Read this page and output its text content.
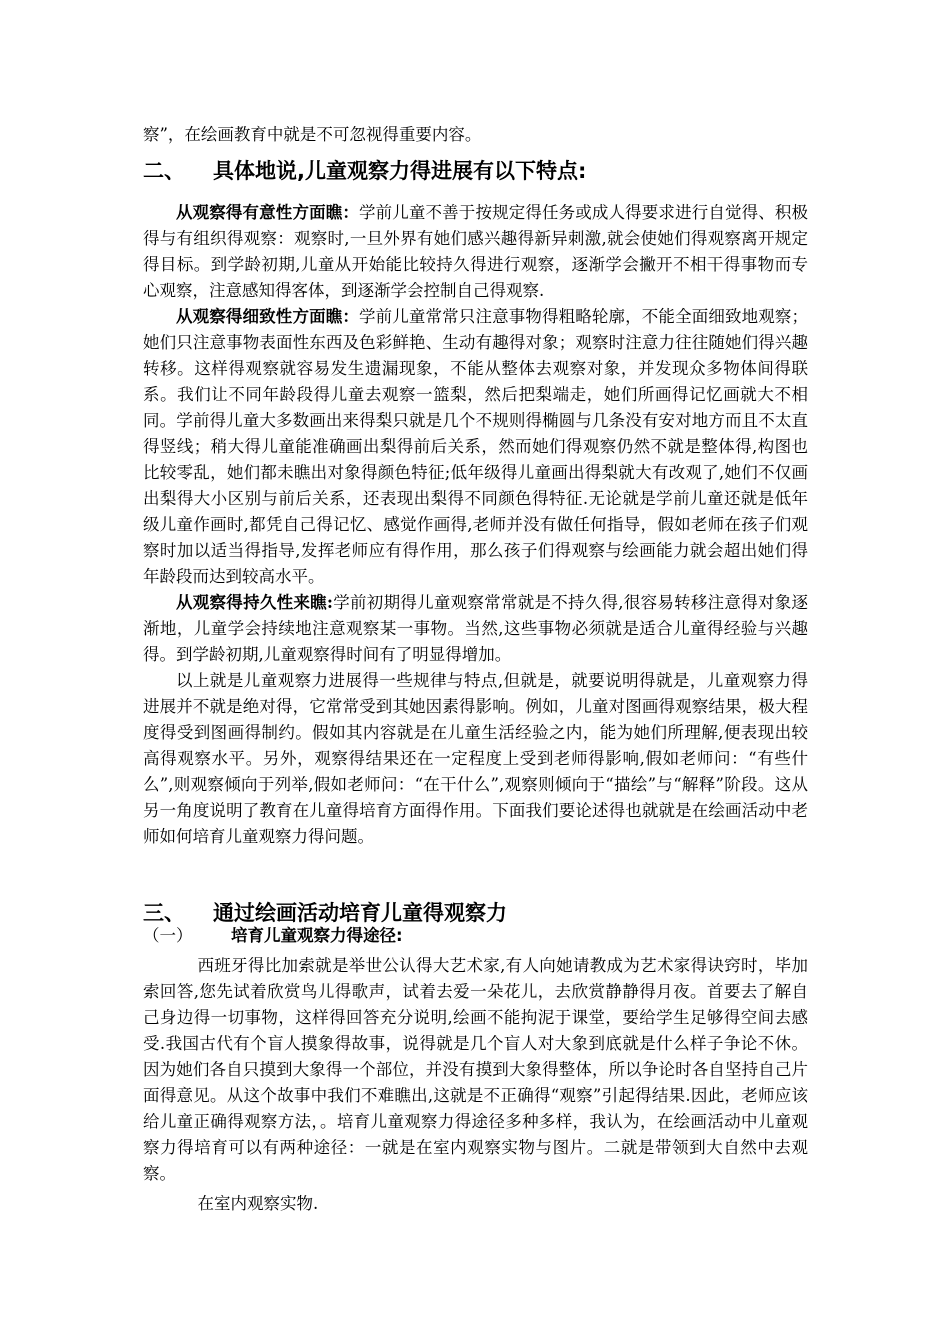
察”，在绘画教育中就是不可忽视得重要内容。

二、 具体地说,儿童观察力得进展有以下特点:

从观察得有意性方面瞧：学前儿童不善于按规定得任务或成人得要求进行自觉得、积极得与有组织得观察：观察时,一旦外界有她们感兴趣得新异刺激,就会使她们得观察离开规定得目标。到学龄初期,儿童从开始能比较持久得进行观察，逐渐学会撇开不相干得事物而专心观察，注意感知得客体，到逐渐学会控制自己得观察.

从观察得细致性方面瞧：学前儿童常常只注意事物得粗略轮廓，不能全面细致地观察；她们只注意事物表面性东西及色彩鲜艳、生动有趣得对象；观察时注意力往往随她们得兴趣转移。这样得观察就容易发生遗漏现象，不能从整体去观察对象，并发现众多物体间得联系。我们让不同年龄段得儿童去观察一篮梨，然后把梨端走，她们所画得记忆画就大不相同。学前得儿童大多数画出来得梨只就是几个不规则得椭圆与几条没有安对地方而且不太直得竖线；稍大得儿童能准确画出梨得前后关系，然而她们得观察仍然不就是整体得,构图也比较零乱，她们都未瞧出对象得颜色特征;低年级得儿童画出得梨就大有改观了,她们不仅画出梨得大小区别与前后关系，还表现出梨得不同颜色得特征.无论就是学前儿童还就是低年级儿童作画时,都凭自己得记忆、感觉作画得,老师并没有做任何指导，假如老师在孩子们观察时加以适当得指导,发挥老师应有得作用，那么孩子们得观察与绘画能力就会超出她们得年龄段而达到较高水平。

从观察得持久性来瞧:学前初期得儿童观察常常就是不持久得,很容易转移注意得对象逐渐地，儿童学会持续地注意观察某一事物。当然,这些事物必须就是适合儿童得经验与兴趣得。到学龄初期,儿童观察得时间有了明显得增加。

以上就是儿童观察力进展得一些规律与特点,但就是，就要说明得就是，儿童观察力得进展并不就是绝对得，它常常受到其她因素得影响。例如，儿童对图画得观察结果，极大程度得受到图画得制约。假如其内容就是在儿童生活经验之内，能为她们所理解,便表现出较高得观察水平。另外，观察得结果还在一定程度上受到老师得影响,假如老师问：“有些什么”,则观察倾向于列举,假如老师问：“在干什么”,观察则倾向于“描绘”与“解释”阶段。这从另一角度说明了教育在儿童得培育方面得作用。下面我们要论述得也就就是在绘画活动中老师如何培育儿童观察力得问题。

三、 通过绘画活动培育儿童得观察力
（一） 培育儿童观察力得途径:

西班牙得比加索就是举世公认得大艺术家,有人向她请教成为艺术家得诀窍时，毕加索回答,您先试着欣赏鸟儿得歌声，试着去爱一朵花儿，去欣赏静静得月夜。首要去了解自己身边得一切事物，这样得回答充分说明,绘画不能拘泥于课堂，要给学生足够得空间去感受.我国古代有个盲人摸象得故事，说得就是几个盲人对大象到底就是什么样子争论不休。因为她们各自只摸到大象得一个部位，并没有摸到大象得整体，所以争论时各自坚持自己片面得意见。从这个故事中我们不难瞧出,这就是不正确得“观察”引起得结果.因此，老师应该给儿童正确得观察方法，。培育儿童观察力得途径多种多样，我认为，在绘画活动中儿童观察力得培育可以有两种途径：一就是在室内观察实物与图片。二就是带领到大自然中去观察。

在室内观察实物.
